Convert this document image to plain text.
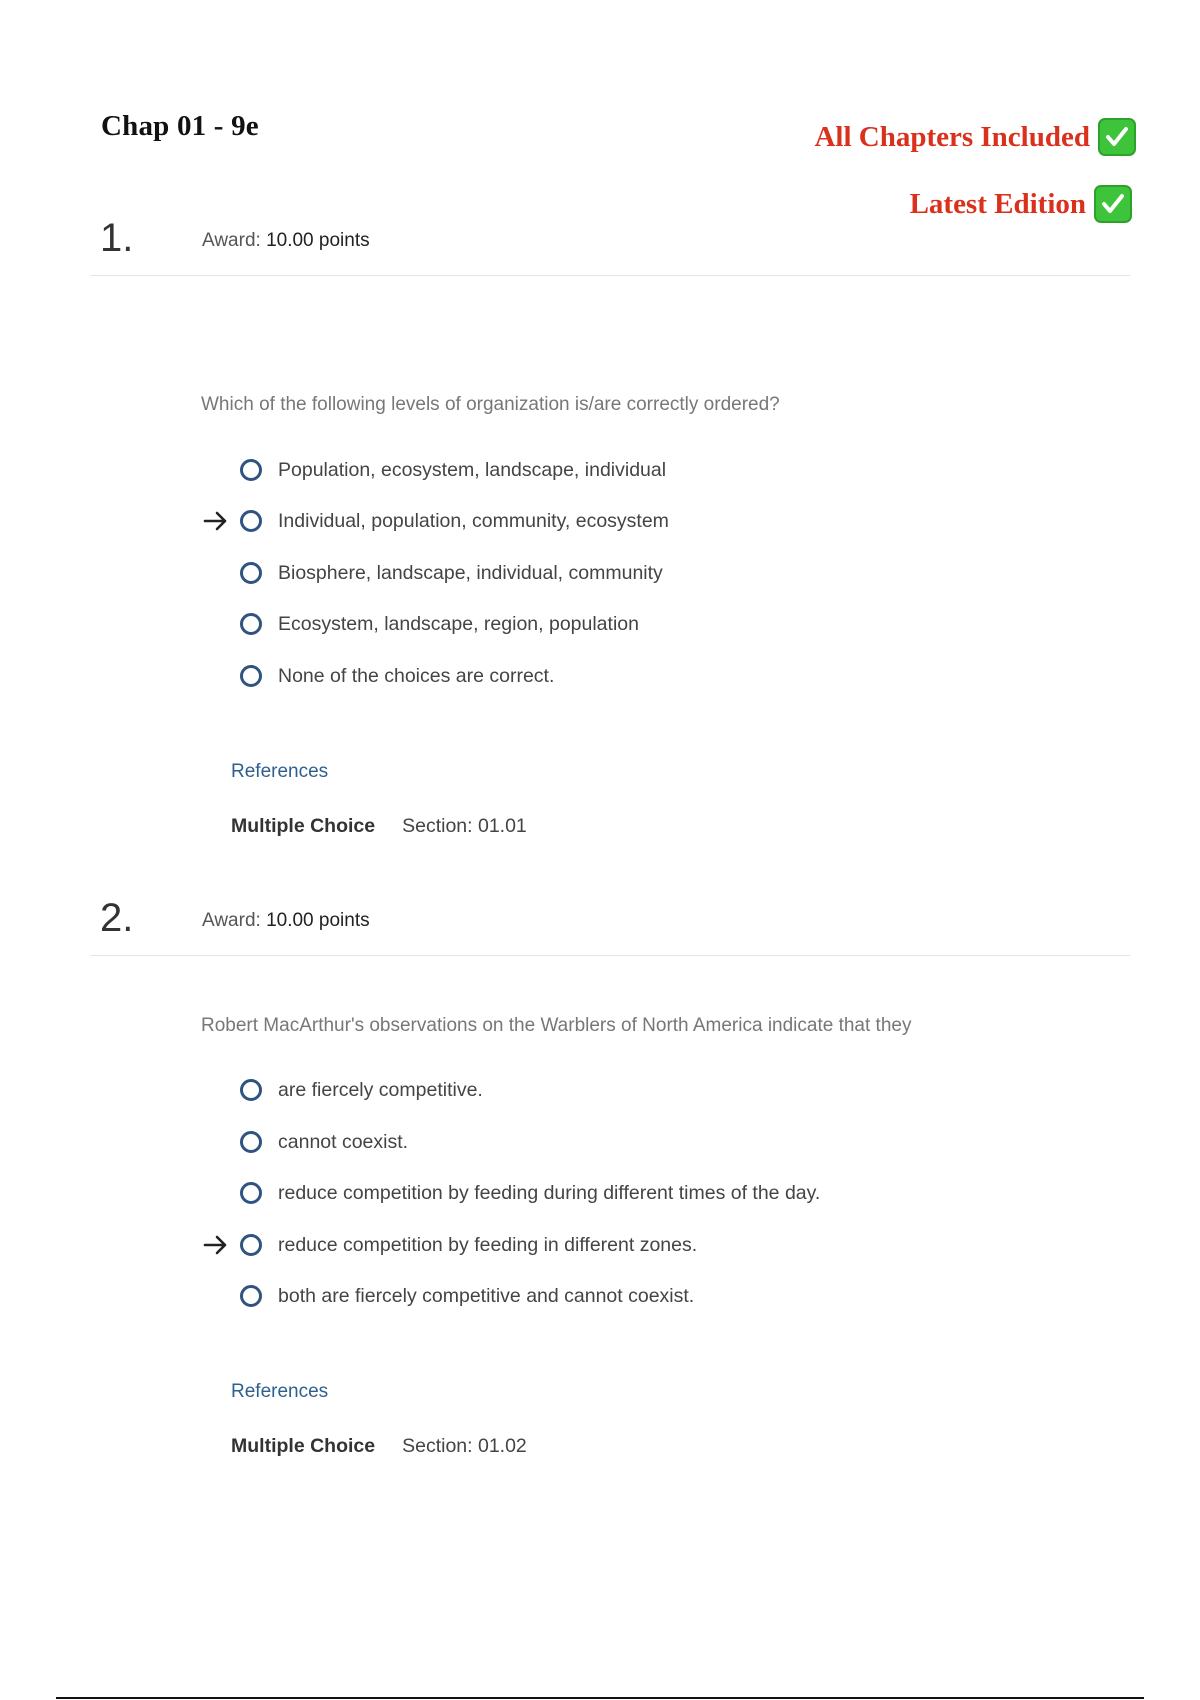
Chap 01 - 9e	All Chapters Included
Latest Edition
1.	Award: 10.00 points
Which of the following levels of organization is/are correctly ordered?
Population, ecosystem, landscape, individual
Individual, population, community, ecosystem
Biosphere, landscape, individual, community
Ecosystem, landscape, region, population
None of the choices are correct.
References
Multiple Choice Section: 01.01
2.	Award: 10.00 points
Robert MacArthur's observations on the Warblers of North America indicate that they
are fiercely competitive.
cannot coexist.
reduce competition by feeding during different times of the day.
reduce competition by feeding in different zones.
both are fiercely competitive and cannot coexist.
References
Multiple Choice Section: 01.02
